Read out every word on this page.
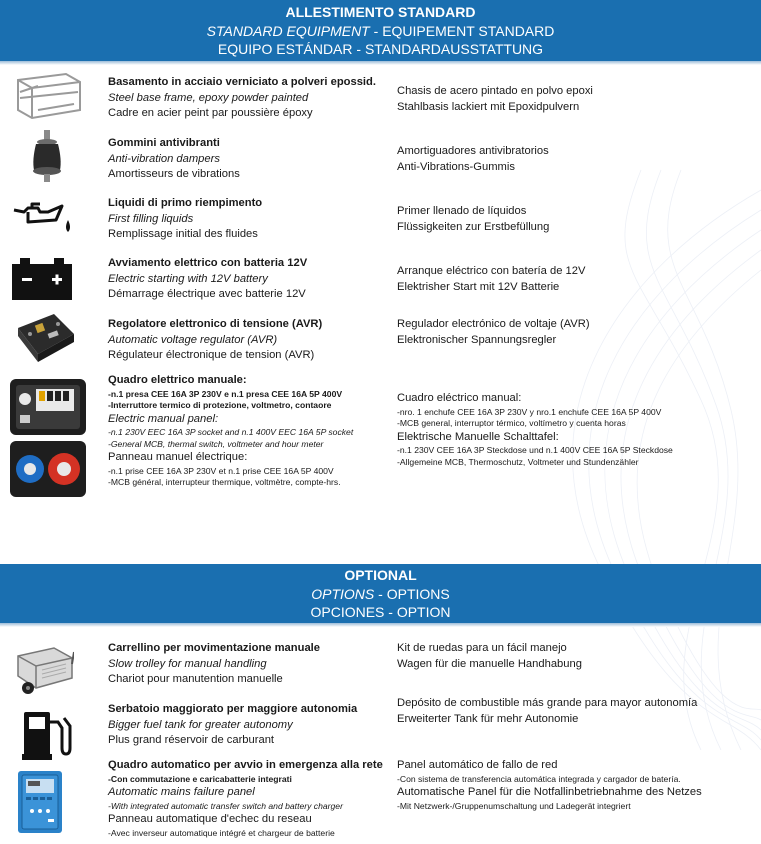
ALLESTIMENTO STANDARD
STANDARD EQUIPMENT - EQUIPEMENT STANDARD
EQUIPO ESTÁNDAR - STANDARDAUSSTATTUNG
Basamento in acciaio verniciato a polveri epossid.
Steel base frame, epoxy powder painted
Cadre en acier peint par poussière époxy
Chasis de acero pintado en polvo epoxi
Stahlbasis lackiert mit Epoxidpulvern
Gommini antivibranti
Anti-vibration dampers
Amortisseurs de vibrations
Amortiguadores antivibratorios
Anti-Vibrations-Gummis
Liquidi di primo riempimento
First filling liquids
Remplissage initial des fluides
Primer llenado de líquidos
Flüssigkeiten zur Erstbefüllung
Avviamento elettrico con batteria 12V
Electric starting with 12V battery
Démarrage électrique avec batterie 12V
Arranque eléctrico con batería de 12V
Elektrisher Start mit 12V Batterie
Regolatore elettronico di tensione (AVR)
Automatic voltage regulator (AVR)
Régulateur électronique de tension (AVR)
Regulador electrónico de voltaje (AVR)
Elektronischer Spannungsregler
Quadro elettrico manuale:
-n.1 presa CEE 16A 3P 230V e n.1 presa CEE 16A 5P 400V
-Interruttore termico di protezione, voltmetro, contaore
Electric manual panel:
-n.1 230V EEC 16A 3P socket and n.1 400V EEC 16A 5P socket
-General MCB, thermal switch, voltmeter and hour meter
Panneau manuel électrique:
-n.1 prise CEE 16A 3P 230V et n.1 prise CEE 16A 5P 400V
-MCB général, interrupteur thermique, voltmètre, compte-hrs.
Cuadro eléctrico manual:
-nro. 1 enchufe CEE 16A 3P 230V y nro.1 enchufe CEE 16A 5P 400V
-MCB general, interruptor térmico, voltímetro y cuenta horas
Elektrische Manuelle Schalttafel:
-n.1 230V CEE 16A 3P Steckdose und n.1 400V CEE 16A 5P Steckdose
-Allgemeine MCB, Thermoschutz, Voltmeter und Stundenzähler
OPTIONAL
OPTIONS - OPTIONS
OPCIONES - OPTION
Carrellino per movimentazione manuale
Slow trolley for manual handling
Chariot pour manutention manuelle
Kit de ruedas para un fácil manejo
Wagen für die manuelle Handhabung
Serbatoio maggiorato per maggiore autonomia
Bigger fuel tank for greater autonomy
Plus grand réservoir de carburant
Depósito de combustible más grande para mayor autonomía
Erweiterter Tank für mehr Autonomie
Quadro automatico per avvio in emergenza alla rete
-Con commutazione e caricabatterie integrati
Automatic mains failure panel
-With integrated automatic transfer switch and battery charger
Panneau automatique d'echec du reseau
-Avec inverseur automatique intégré et chargeur de batterie
Panel automático de fallo de red
-Con sistema de transferencia automática integrada y cargador de batería.
Automatische Panel für die Notfallinbetriebnahme des Netzes
-Mit Netzwerk-/Gruppenumschaltung und Ladegerät integriert
